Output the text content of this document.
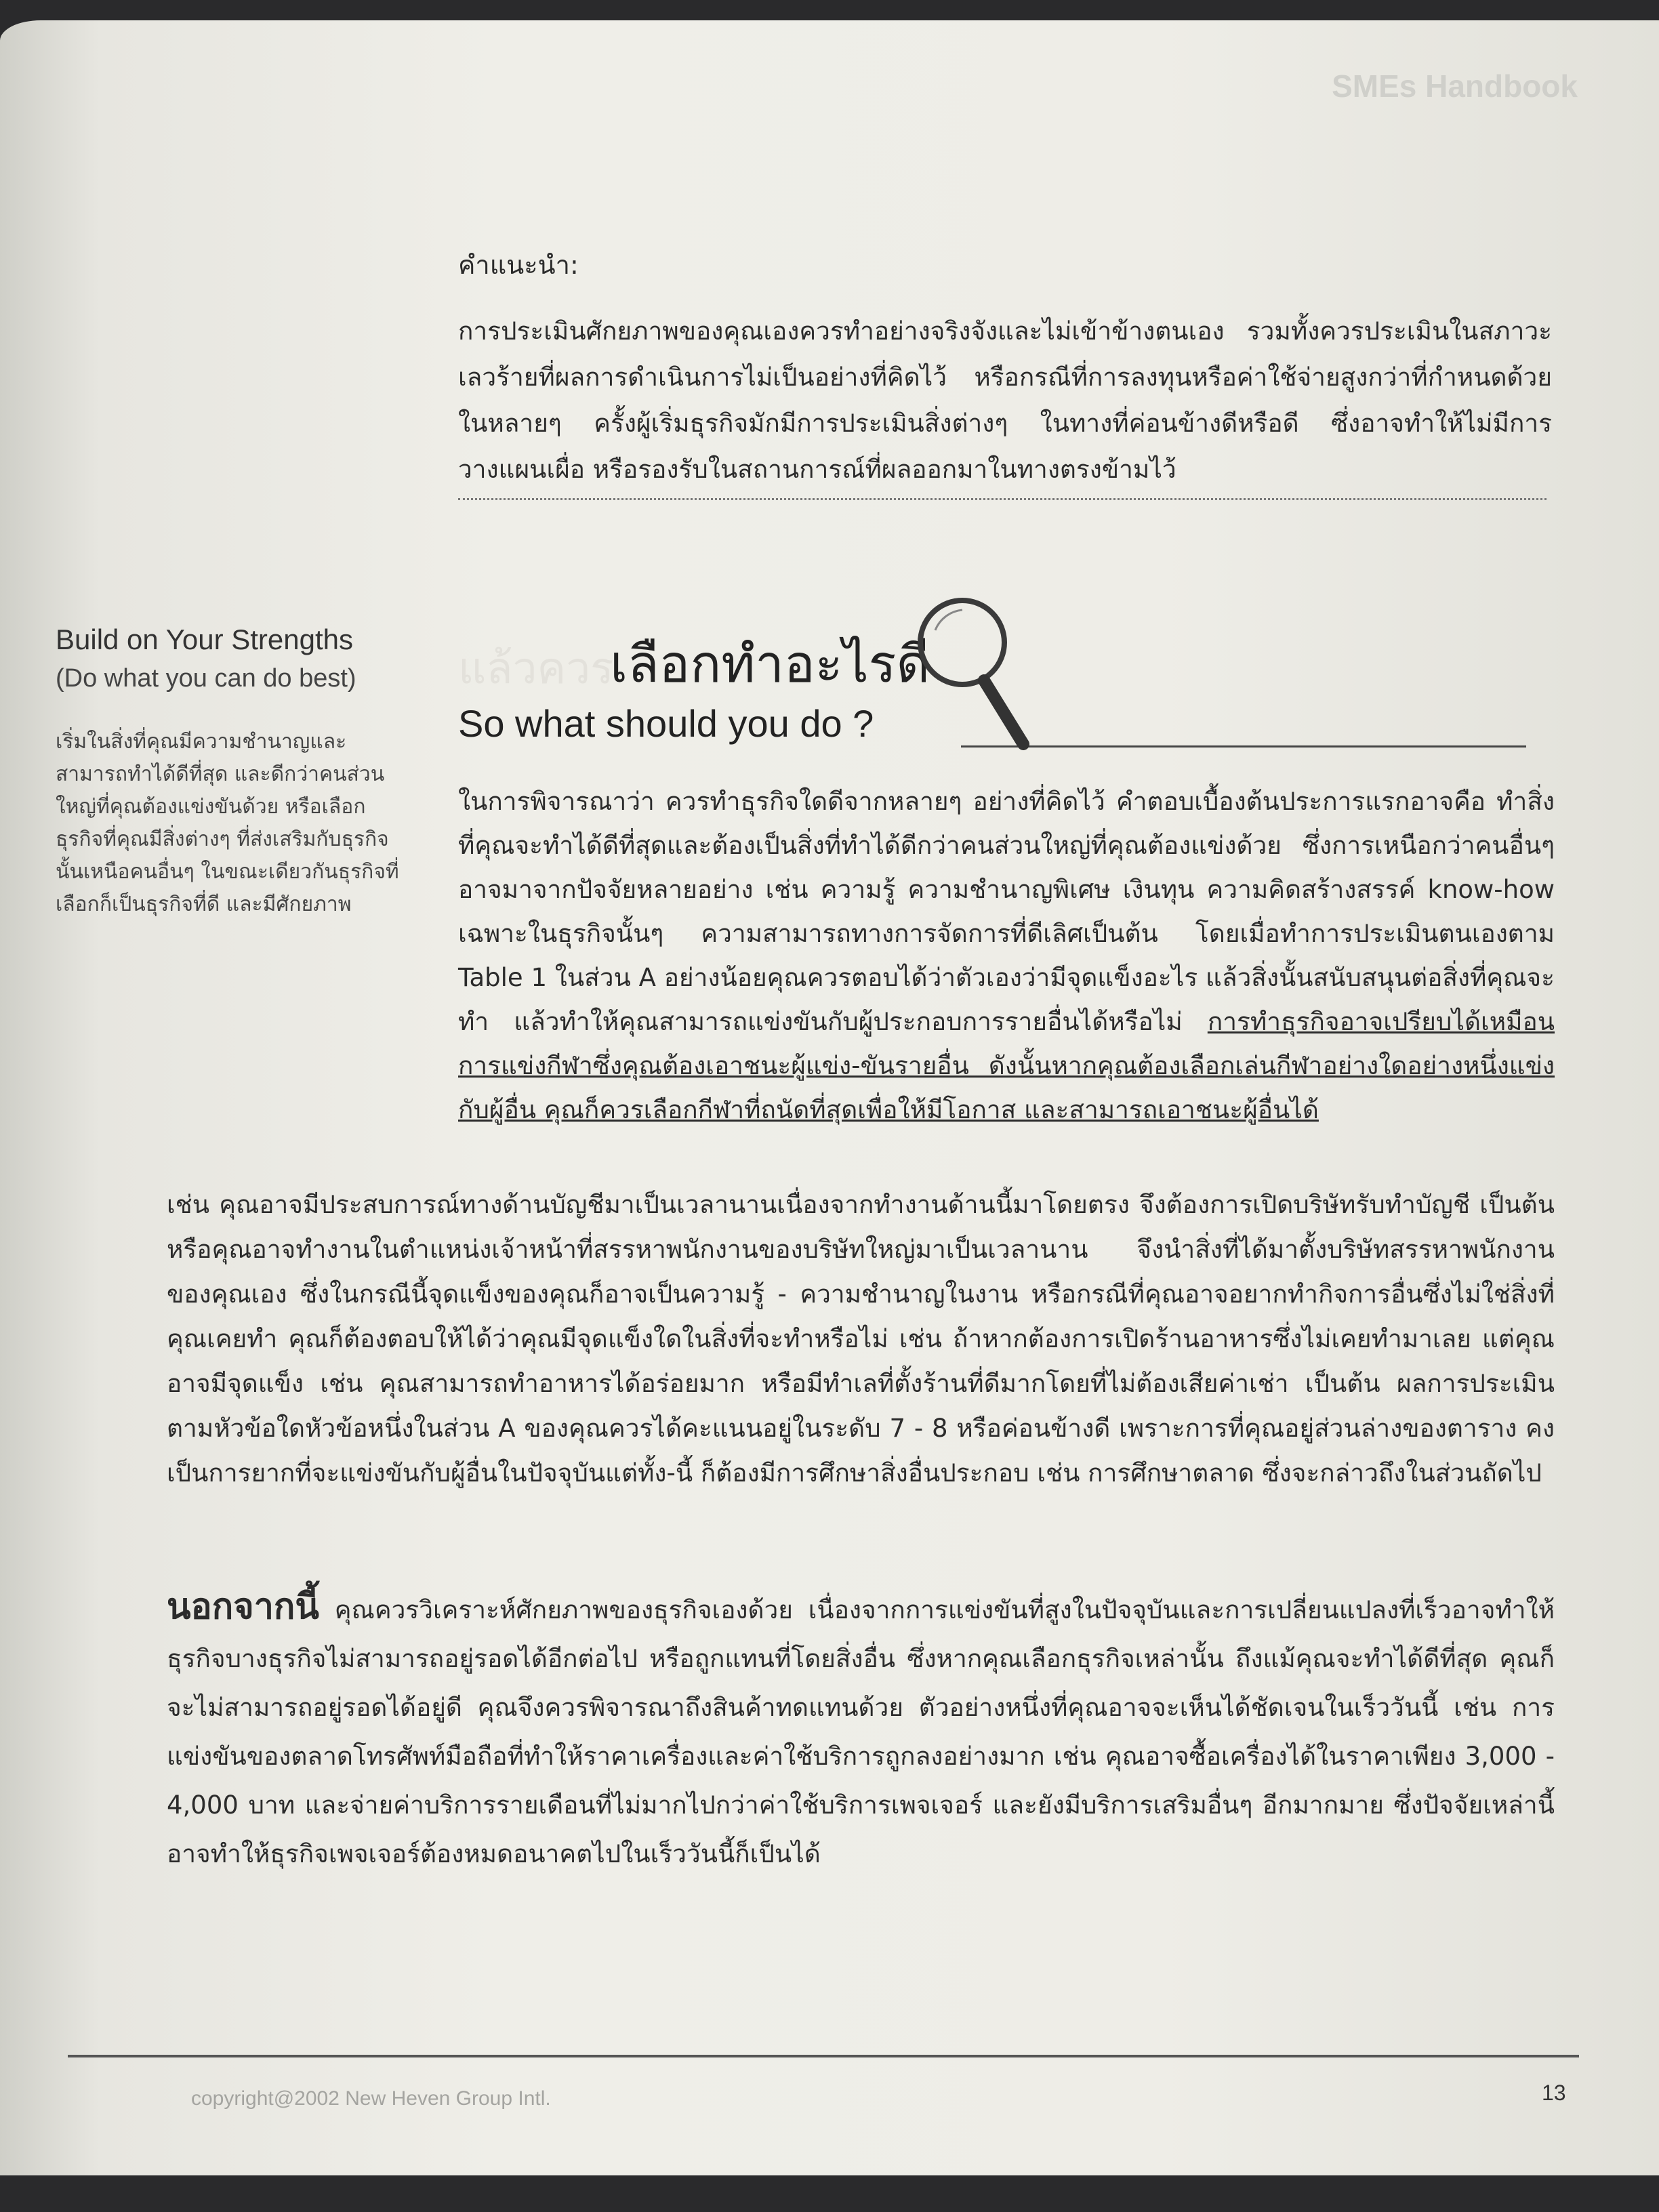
SMEs Handbook
คำแนะนำ:
การประเมินศักยภาพของคุณเองควรทำอย่างจริงจังและไม่เข้าข้างตนเอง รวมทั้งควรประเมินในสภาวะเลวร้ายที่ผลการดำเนินการไม่เป็นอย่างที่คิดไว้ หรือกรณีที่การลงทุนหรือค่าใช้จ่ายสูงกว่าที่กำหนดด้วย ในหลายๆ ครั้งผู้เริ่มธุรกิจมักมีการประเมินสิ่งต่างๆ ในทางที่ค่อนข้างดีหรือดี ซึ่งอาจทำให้ไม่มีการวางแผนเผื่อ หรือรองรับในสถานการณ์ที่ผลออกมาในทางตรงข้ามไว้
Build on Your Strengths
(Do what you can do best)
เริ่มในสิ่งที่คุณมีความชำนาญและสามารถทำได้ดีที่สุด และดีกว่าคนส่วนใหญ่ที่คุณต้องแข่งขันด้วย หรือเลือกธุรกิจที่คุณมีสิ่งต่างๆ ที่ส่งเสริมกับธุรกิจนั้นเหนือคนอื่นๆ ในขณะเดียวกันธุรกิจที่เลือกก็เป็นธุรกิจที่ดี และมีศักยภาพ
แล้วควร
เลือกทำอะไรดี
So what should you do ?
ในการพิจารณาว่า ควรทำธุรกิจใดดีจากหลายๆ อย่างที่คิดไว้ คำตอบเบื้องต้นประการแรกอาจคือ ทำสิ่งที่คุณจะทำได้ดีที่สุดและต้องเป็นสิ่งที่ทำได้ดีกว่าคนส่วนใหญ่ที่คุณต้องแข่งด้วย ซึ่งการเหนือกว่าคนอื่นๆ อาจมาจากปัจจัยหลายอย่าง เช่น ความรู้ ความชำนาญพิเศษ เงินทุน ความคิดสร้างสรรค์ know-how เฉพาะในธุรกิจนั้นๆ ความสามารถทางการจัดการที่ดีเลิศเป็นต้น โดยเมื่อทำการประเมินตนเองตาม Table 1 ในส่วน A อย่างน้อยคุณควรตอบได้ว่าตัวเองว่ามีจุดแข็งอะไร แล้วสิ่งนั้นสนับสนุนต่อสิ่งที่คุณจะทำ แล้วทำให้คุณสามารถแข่งขันกับผู้ประกอบการรายอื่นได้หรือไม่ การทำธุรกิจอาจเปรียบได้เหมือนการแข่งกีฬาซึ่งคุณต้องเอาชนะผู้แข่ง-ขันรายอื่น ดังนั้นหากคุณต้องเลือกเล่นกีฬาอย่างใดอย่างหนึ่งแข่งกับผู้อื่น คุณก็ควรเลือกกีฬาที่ถนัดที่สุดเพื่อให้มีโอกาส และสามารถเอาชนะผู้อื่นได้
เช่น คุณอาจมีประสบการณ์ทางด้านบัญชีมาเป็นเวลานานเนื่องจากทำงานด้านนี้มาโดยตรง จึงต้องการเปิดบริษัทรับทำบัญชี เป็นต้น หรือคุณอาจทำงานในตำแหน่งเจ้าหน้าที่สรรหาพนักงานของบริษัทใหญ่มาเป็นเวลานาน จึงนำสิ่งที่ได้มาตั้งบริษัทสรรหาพนักงานของคุณเอง ซึ่งในกรณีนี้จุดแข็งของคุณก็อาจเป็นความรู้ - ความชำนาญในงาน หรือกรณีที่คุณอาจอยากทำกิจการอื่นซึ่งไม่ใช่สิ่งที่คุณเคยทำ คุณก็ต้องตอบให้ได้ว่าคุณมีจุดแข็งใดในสิ่งที่จะทำหรือไม่ เช่น ถ้าหากต้องการเปิดร้านอาหารซึ่งไม่เคยทำมาเลย แต่คุณอาจมีจุดแข็ง เช่น คุณสามารถทำอาหารได้อร่อยมาก หรือมีทำเลที่ตั้งร้านที่ดีมากโดยที่ไม่ต้องเสียค่าเช่า เป็นต้น ผลการประเมินตามหัวข้อใดหัวข้อหนึ่งในส่วน A ของคุณควรได้คะแนนอยู่ในระดับ 7 - 8 หรือค่อนข้างดี เพราะการที่คุณอยู่ส่วนล่างของตาราง คงเป็นการยากที่จะแข่งขันกับผู้อื่นในปัจจุบันแต่ทั้ง-นี้ ก็ต้องมีการศึกษาสิ่งอื่นประกอบ เช่น การศึกษาตลาด ซึ่งจะกล่าวถึงในส่วนถัดไป
นอกจากนี้ คุณควรวิเคราะห์ศักยภาพของธุรกิจเองด้วย เนื่องจากการแข่งขันที่สูงในปัจจุบันและการเปลี่ยนแปลงที่เร็วอาจทำให้ธุรกิจบางธุรกิจไม่สามารถอยู่รอดได้อีกต่อไป หรือถูกแทนที่โดยสิ่งอื่น ซึ่งหากคุณเลือกธุรกิจเหล่านั้น ถึงแม้คุณจะทำได้ดีที่สุด คุณก็จะไม่สามารถอยู่รอดได้อยู่ดี คุณจึงควรพิจารณาถึงสินค้าทดแทนด้วย ตัวอย่างหนึ่งที่คุณอาจจะเห็นได้ชัดเจนในเร็ววันนี้ เช่น การแข่งขันของตลาดโทรศัพท์มือถือที่ทำให้ราคาเครื่องและค่าใช้บริการถูกลงอย่างมาก เช่น คุณอาจซื้อเครื่องได้ในราคาเพียง 3,000 - 4,000 บาท และจ่ายค่าบริการรายเดือนที่ไม่มากไปกว่าค่าใช้บริการเพจเจอร์ และยังมีบริการเสริมอื่นๆ อีกมากมาย ซึ่งปัจจัยเหล่านี้อาจทำให้ธุรกิจเพจเจอร์ต้องหมดอนาคตไปในเร็ววันนี้ก็เป็นได้
copyright@2002 New Heven Group Intl.	13
